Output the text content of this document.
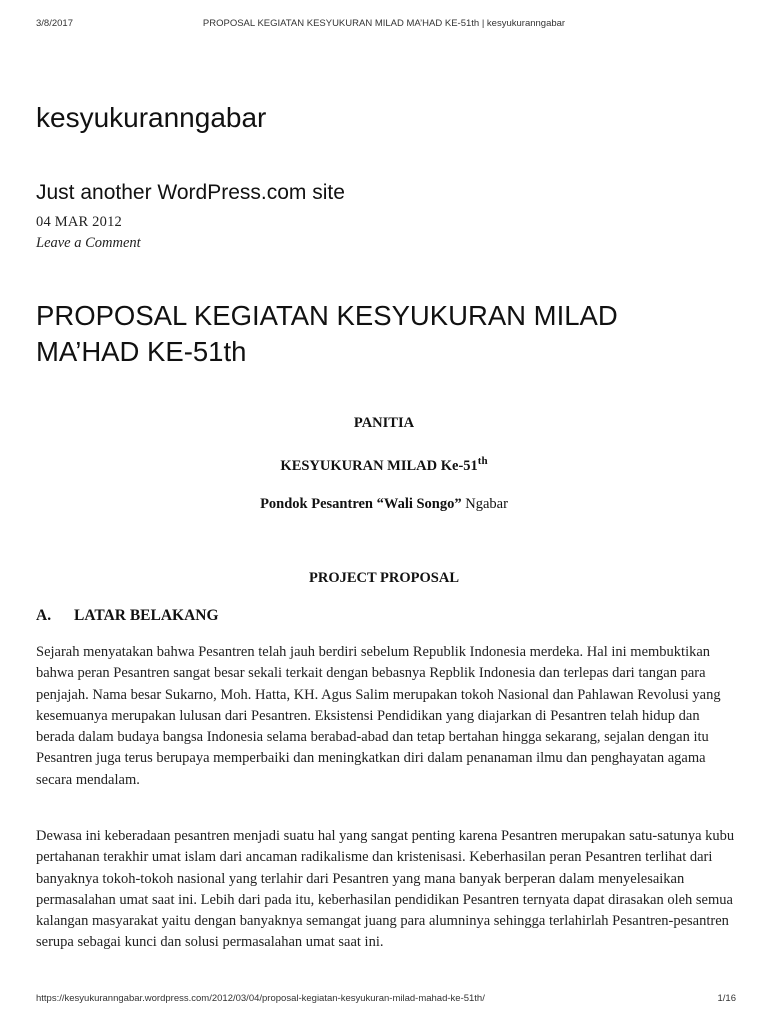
3/8/2017	PROPOSAL KEGIATAN KESYUKURAN MILAD MA’HAD KE-51th | kesyukuranngabar
kesyukuranngabar
Just another WordPress.com site
04 MAR 2012
Leave a Comment
PROPOSAL KEGIATAN KESYUKURAN MILAD MA’HAD KE-51th
PANITIA
KESYUKURAN MILAD Ke-51th
Pondok Pesantren “Wali Songo” Ngabar
PROJECT PROPOSAL
A. LATAR BELAKANG

Sejarah menyatakan bahwa Pesantren telah jauh berdiri sebelum Republik Indonesia merdeka. Hal ini membuktikan bahwa peran Pesantren sangat besar sekali terkait dengan bebasnya Repblik Indonesia dan terlepas dari tangan para penjajah. Nama besar Sukarno, Moh. Hatta, KH. Agus Salim merupakan tokoh Nasional dan Pahlawan Revolusi yang kesemuanya merupakan lulusan dari Pesantren. Eksistensi Pendidikan yang diajarkan di Pesantren telah hidup dan berada dalam budaya bangsa Indonesia selama berabad-abad dan tetap bertahan hingga sekarang, sejalan dengan itu Pesantren juga terus berupaya memperbaiki dan meningkatkan diri dalam penanaman ilmu dan penghayatan agama secara mendalam.

Dewasa ini keberadaan pesantren menjadi suatu hal yang sangat penting karena Pesantren merupakan satu-satunya kubu pertahanan terakhir umat islam dari ancaman radikalisme dan kristenisasi. Keberhasilan peran Pesantren terlihat dari banyaknya tokoh-tokoh nasional yang terlahir dari Pesantren yang mana banyak berperan dalam menyelesaikan permasalahan umat saat ini. Lebih dari pada itu, keberhasilan pendidikan Pesantren ternyata dapat dirasakan oleh semua kalangan masyarakat yaitu dengan banyaknya semangat juang para alumninya sehingga terlahirlah Pesantren-pesantren serupa sebagai kunci dan solusi permasalahan umat saat ini.

https://kesyukuranngabar.wordpress.com/2012/03/04/proposal-kegiatan-kesyukuran-milad-mahad-ke-51th/	1/16
